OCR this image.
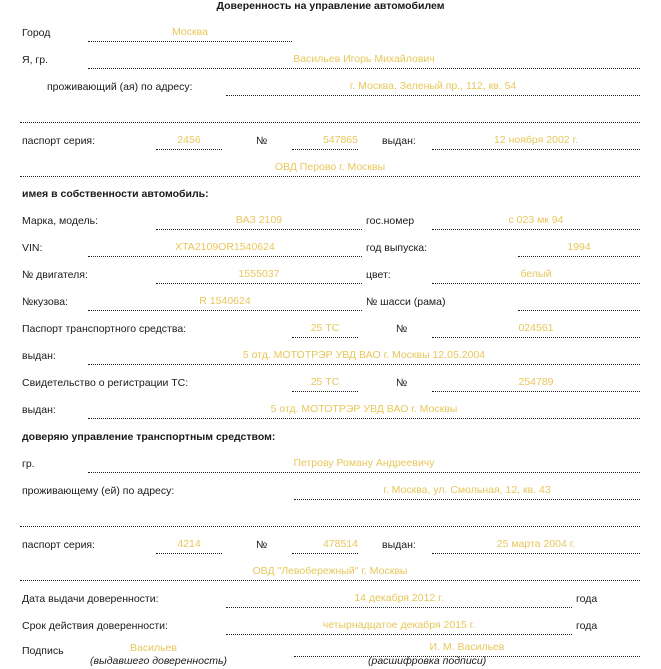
Доверенность на управление автомобилем
Город	Москва
Я, гр.	Васильев Игорь Михайлович
проживающий (ая) по адресу:	г. Москва, Зеленый пр., 112, кв. 54
паспорт серия:	2456	№	547865 выдан:	12 ноября 2002 г.
ОВД Перово г. Москвы
имея в собственности автомобиль:
Марка, модель:	ВАЗ 2109	гос.номер	с 023 мк 94
VIN:	XTA2109OR1540624	год выпуска:	1994
№ двигателя:	1555037	цвет:	белый
№кузова:	R 1540624	№ шасси (рама)
Паспорт транспортного средства:	25 ТС	№	024561
выдан:	5 отд. МОТОТРЭР УВД ВАО г. Москвы 12.05.2004
Свидетельство о регистрации ТС:	25 ТС	№	254789
выдан:	5 отд. МОТОТРЭР УВД ВАО г. Москвы
доверяю управление транспортным средством:
гр.	Петрову Роману Андреевичу
проживающему (ей) по адресу:	г. Москва, ул. Смольная, 12, кв. 43
паспорт серия:	4214	№	478514 выдан:	25 марта 2004 г.
ОВД "Левобережный" г. Москвы
Дата выдачи доверенности:	14 декабря 2012 г.	года
Срок действия доверенности:	четырнадцатое декабря 2015 г.	года
Подпись	Васильев
(выдавшего доверенность)
И. М. Васильев
(расшифровка подписи)
